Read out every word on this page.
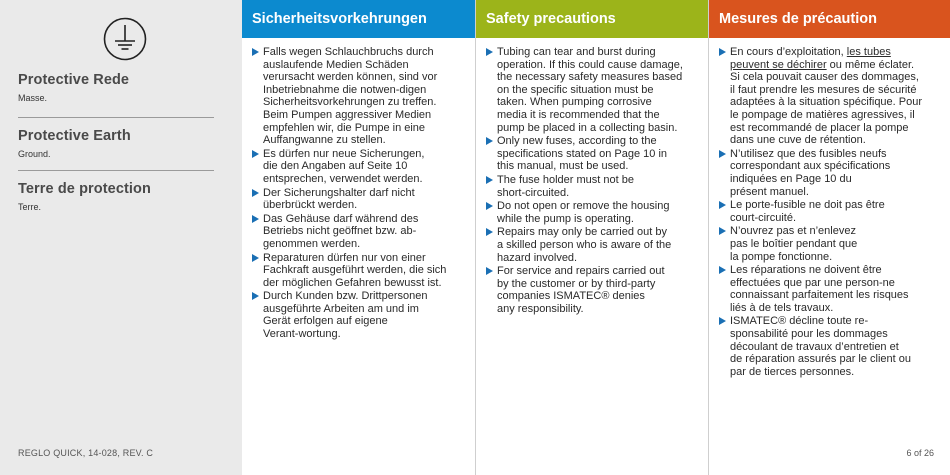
Protective Rede

Masse.

Protective Earth

Ground.

Terre de protection

Terre.

REGLO QUICK, 14-028, REV. C
Sicherheitsvorkehrungen
Falls wegen Schlauchbruchs durch
auslaufende Medien Schäden
verursacht werden können, sind vor
Inbetriebnahme die notwen-digen
Sicherheitsvorkehrungen zu treffen.
Beim Pumpen aggressiver Medien
empfehlen wir, die Pumpe in eine
Auffangwanne zu stellen.
Es dürfen nur neue Sicherungen,
die den Angaben auf Seite 10
entsprechen, verwendet werden.
Der Sicherungshalter darf nicht
überbrückt werden.
Das Gehäuse darf während des
Betriebs nicht geöffnet bzw. ab-
genommen werden.
Reparaturen dürfen nur von einer
Fachkraft ausgeführt werden, die sich
der möglichen Gefahren bewusst ist.
Durch Kunden bzw. Drittpersonen
ausgeführte Arbeiten am und im
Gerät erfolgen auf eigene
Verant-wortung.
Safety precautions
Tubing can tear and burst during
operation. If this could cause damage,
the necessary safety measures based
on the specific situation must be
taken. When pumping corrosive
media it is recommended that the
pump be placed in a collecting basin.
Only new fuses, according to the
specifications stated on Page 10 in
this manual, must be used.
The fuse holder must not be
short-circuited.
Do not open or remove the housing
while the pump is operating.
Repairs may only be carried out by
a skilled person who is aware of the
hazard involved.
For service and repairs carried out
by the customer or by third-party
companies ISMATEC® denies
any responsibility.
Mesures de précaution
En cours d’exploitation, les tubes
peuvent se déchirer ou même éclater.
Si cela pouvait causer des dommages,
il faut prendre les mesures de sécurité
adaptées à la situation spécifique. Pour
le pompage de matières agressives, il
est recommandé de placer la pompe
dans une cuve de rétention.
N’utilisez que des fusibles neufs
correspondant aux spécifications
indiquées en Page 10 du
présent manuel.
Le porte-fusible ne doit pas être
court-circuité.
N’ouvrez pas et n’enlevez
pas le boîtier pendant que
la pompe fonctionne.
Les réparations ne doivent être
effectuées que par une person-ne
connaissant parfaitement les risques
liés à de tels travaux.
ISMATEC® décline toute re-
sponsabilité pour les dommages
découlant de travaux d’entretien et
de réparation assurés par le client ou
par de tierces personnes.
6 of 26
